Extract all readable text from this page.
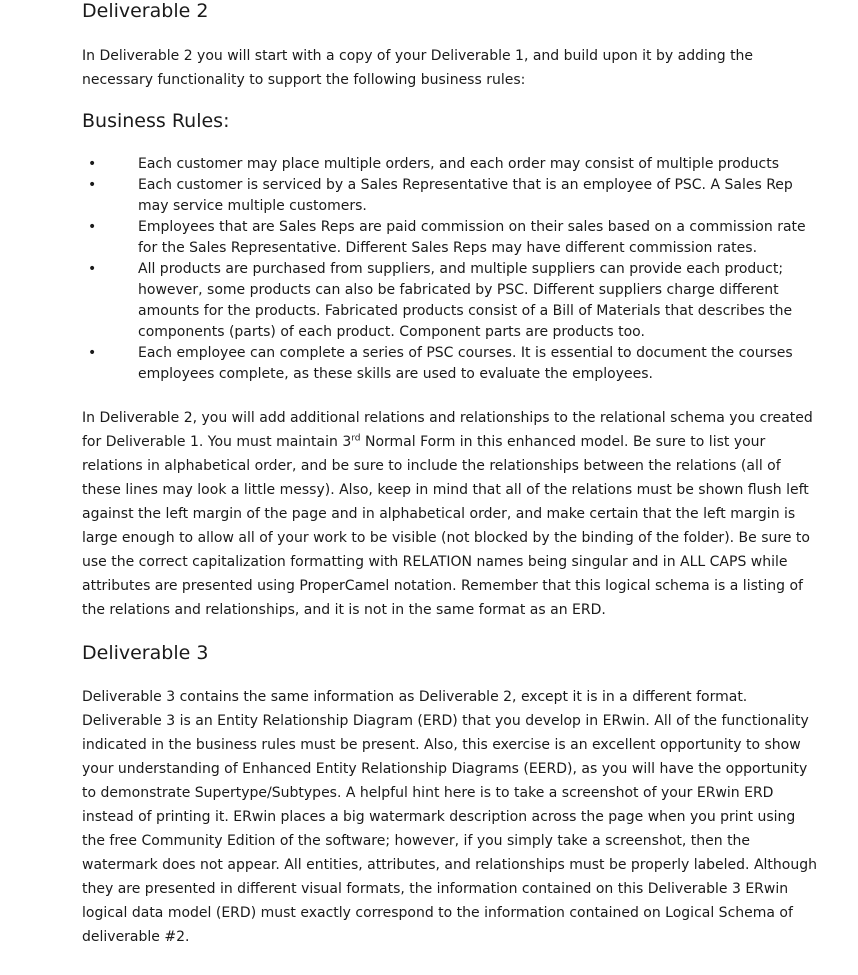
Deliverable 2

In Deliverable 2 you will start with a copy of your Deliverable 1, and build upon it by adding the necessary functionality to support the following business rules:

Business Rules:
•	Each customer may place multiple orders, and each order may consist of multiple products
•	Each customer is serviced by a Sales Representative that is an employee of PSC. A Sales Rep may service multiple customers.
•	Employees that are Sales Reps are paid commission on their sales based on a commission rate for the Sales Representative. Different Sales Reps may have different commission rates.
•	All products are purchased from suppliers, and multiple suppliers can provide each product; however, some products can also be fabricated by PSC. Different suppliers charge different amounts for the products. Fabricated products consist of a Bill of Materials that describes the components (parts) of each product. Component parts are products too.
•	Each employee can complete a series of PSC courses. It is essential to document the courses employees complete, as these skills are used to evaluate the employees.

In Deliverable 2, you will add additional relations and relationships to the relational schema you created for Deliverable 1. You must maintain 3rd Normal Form in this enhanced model. Be sure to list your relations in alphabetical order, and be sure to include the relationships between the relations (all of these lines may look a little messy). Also, keep in mind that all of the relations must be shown flush left against the left margin of the page and in alphabetical order, and make certain that the left margin is large enough to allow all of your work to be visible (not blocked by the binding of the folder). Be sure to use the correct capitalization formatting with RELATION names being singular and in ALL CAPS while attributes are presented using ProperCamel notation. Remember that this logical schema is a listing of the relations and relationships, and it is not in the same format as an ERD.

Deliverable 3

Deliverable 3 contains the same information as Deliverable 2, except it is in a different format. Deliverable 3 is an Entity Relationship Diagram (ERD) that you develop in ERwin. All of the functionality indicated in the business rules must be present. Also, this exercise is an excellent opportunity to show your understanding of Enhanced Entity Relationship Diagrams (EERD), as you will have the opportunity to demonstrate Supertype/Subtypes. A helpful hint here is to take a screenshot of your ERwin ERD instead of printing it. ERwin places a big watermark description across the page when you print using the free Community Edition of the software; however, if you simply take a screenshot, then the watermark does not appear. All entities, attributes, and relationships must be properly labeled. Although they are presented in different visual formats, the information contained on this Deliverable 3 ERwin logical data model (ERD) must exactly correspond to the information contained on Logical Schema of deliverable #2.
